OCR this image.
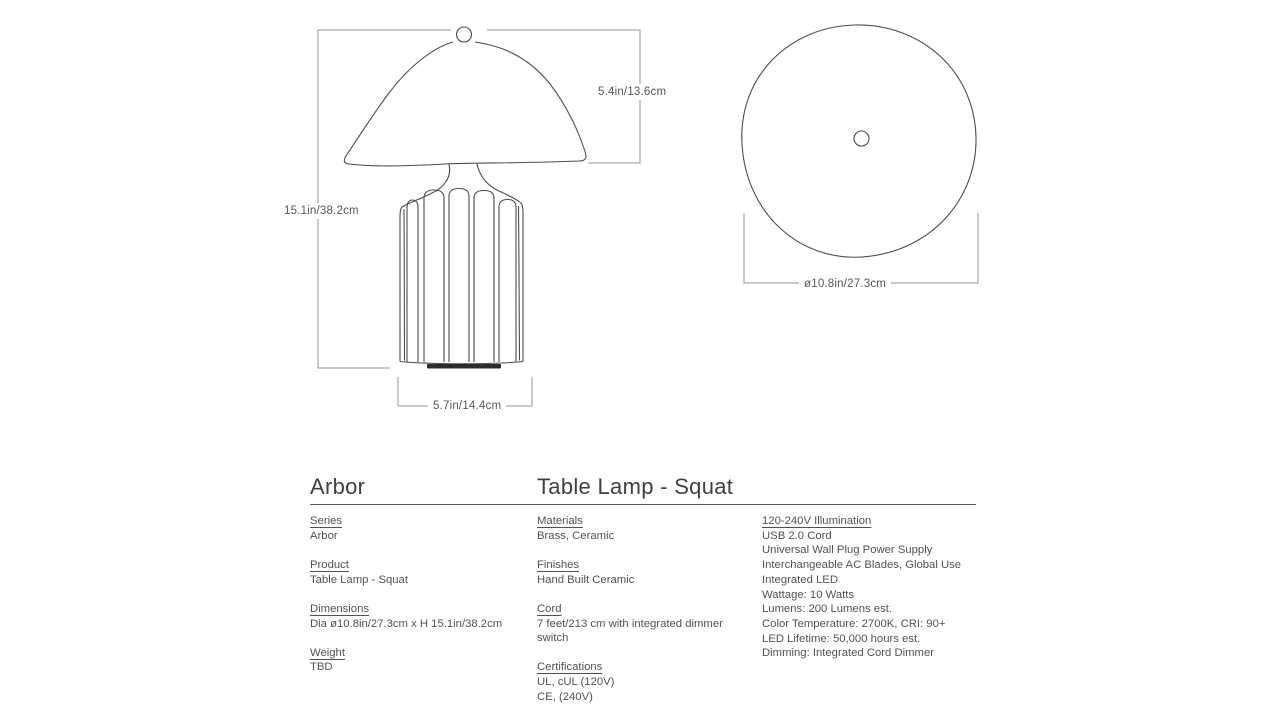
15.1in/38.2cm
5.4in/13.6cm
5.7in/14.4cm
ø10.8in/27.3cm
Arbor	Table Lamp - Squat
Series
Arbor
Product
Table Lamp - Squat
Dimensions
Dia ø10.8in/27.3cm x H 15.1in/38.2cm
Weight
TBD
Materials
Brass, Ceramic
Finishes
Hand Built Ceramic
Cord
7 feet/213 cm with integrated dimmer switch
Certifications
UL, cUL (120V)
CE, (240V)
120-240V Illumination
USB 2.0 Cord
Universal Wall Plug Power Supply
Interchangeable AC Blades, Global Use
Integrated LED
Wattage: 10 Watts
Lumens: 200 Lumens est.
Color Temperature: 2700K, CRI: 90+
LED Lifetime: 50,000 hours est.
Dimming: Integrated Cord Dimmer
